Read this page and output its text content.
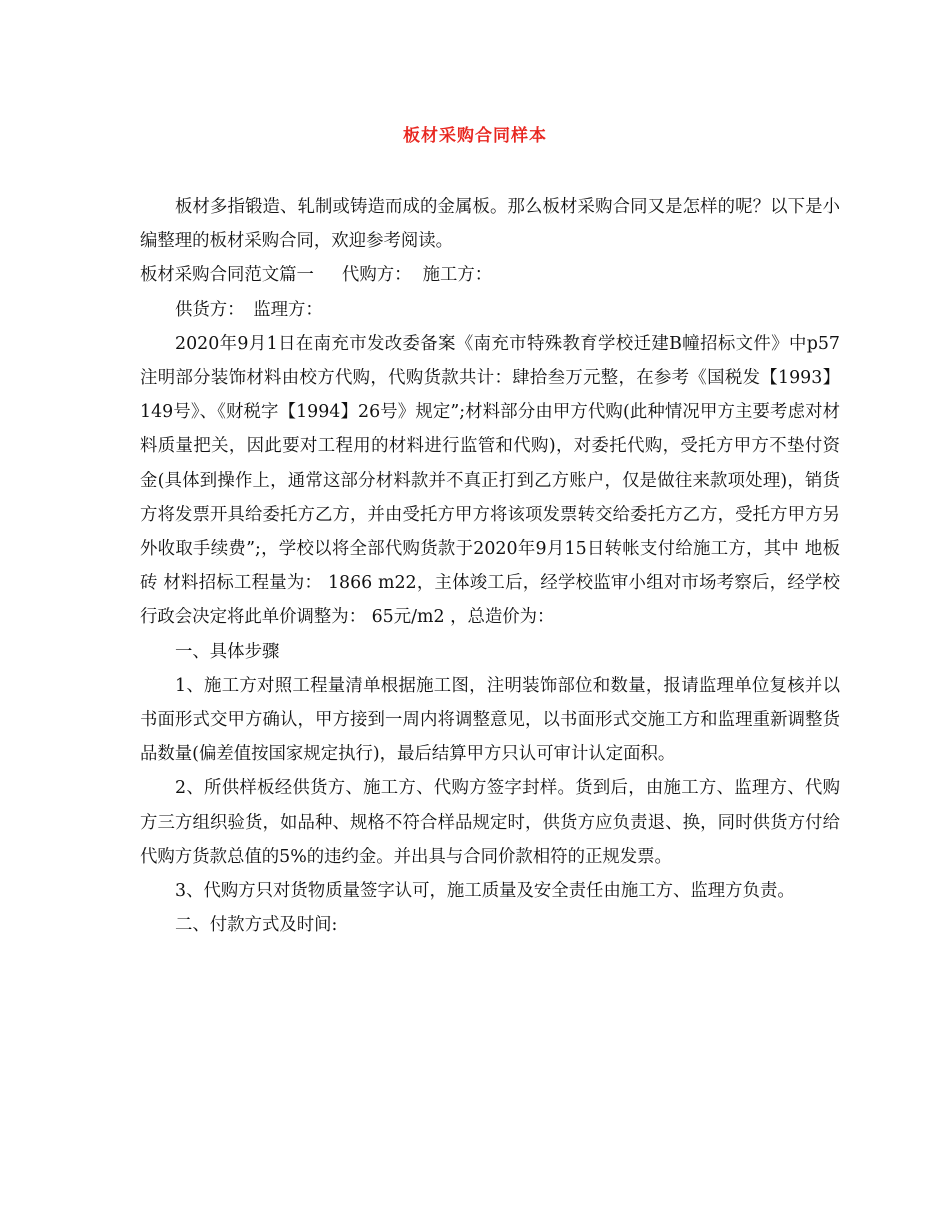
板材采购合同样本

板材多指锻造、轧制或铸造而成的金属板。那么板材采购合同又是怎样的呢？以下是小编整理的板材采购合同，欢迎参考阅读。

板材采购合同范文篇一 代购方： 施工方：

供货方：　监理方：

2020年9月1日在南充市发改委备案《南充市特殊教育学校迁建B幢招标文件》中p57注明部分装饰材料由校方代购，代购货款共计：肆拾叁万元整，在参考《国税发【1993】149号》、《财税字【1994】26号》规定”;材料部分由甲方代购(此种情况甲方主要考虑对材料质量把关，因此要对工程用的材料进行监管和代购)，对委托代购，受托方甲方不垫付资金(具体到操作上，通常这部分材料款并不真正打到乙方账户，仅是做往来款项处理)，销货方将发票开具给委托方乙方，并由受托方甲方将该项发票转交给委托方乙方，受托方甲方另外收取手续费”;，学校以将全部代购货款于2020年9月15日转帐支付给施工方，其中 地板砖 材料招标工程量为： 1866 m22，主体竣工后，经学校监审小组对市场考察后，经学校行政会决定将此单价调整为： 65元/m2 ，总造价为：

一、具体步骤

1、施工方对照工程量清单根据施工图，注明装饰部位和数量，报请监理单位复核并以书面形式交甲方确认，甲方接到一周内将调整意见，以书面形式交施工方和监理重新调整货品数量(偏差值按国家规定执行)，最后结算甲方只认可审计认定面积。

2、所供样板经供货方、施工方、代购方签字封样。货到后，由施工方、监理方、代购方三方组织验货，如品种、规格不符合样品规定时，供货方应负责退、换，同时供货方付给代购方货款总值的5%的违约金。并出具与合同价款相符的正规发票。

3、代购方只对货物质量签字认可，施工质量及安全责任由施工方、监理方负责。

二、付款方式及时间:
